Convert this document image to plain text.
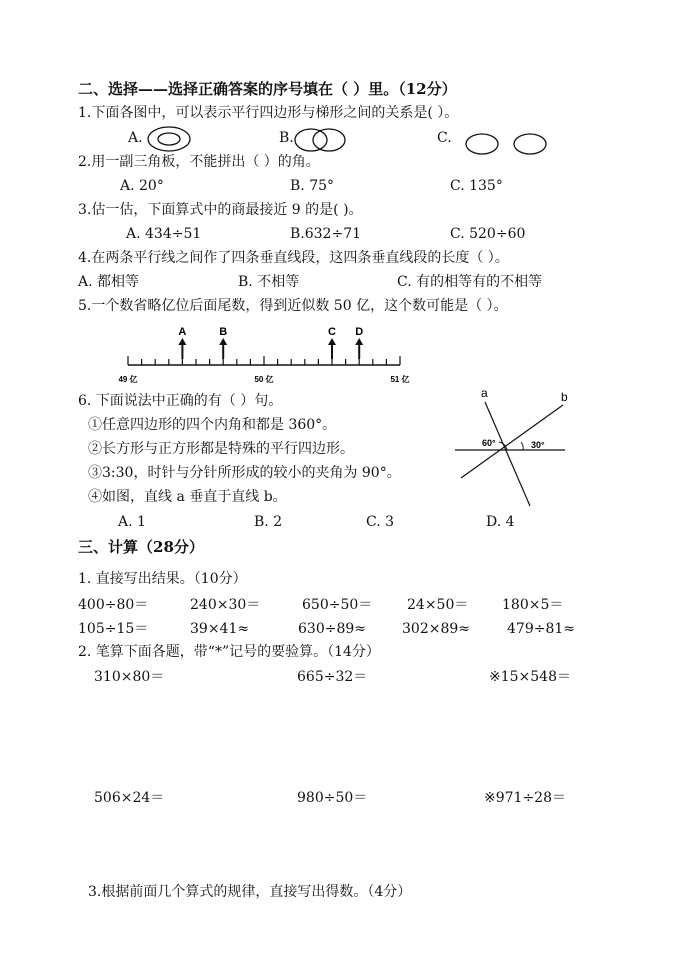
二、选择——选择正确答案的序号填在（ ）里。（12分）
1.下面各图中，可以表示平行四边形与梯形之间的关系是( ）。
A.	B.	C.
2.用一副三角板，不能拼出（ ）的角。
A. 20°	B. 75°	C. 135°
3.估一估，下面算式中的商最接近 9 的是( )。
A. 434÷51	B.632÷71	C. 520÷60
4.在两条平行线之间作了四条垂直线段，这四条垂直线段的长度（ ）。
A. 都相等	B. 不相等	C. 有的相等有的不相等
5.一个数省略亿位后面尾数，得到近似数 50 亿，这个数可能是（ ）。
A	B	C D
49 亿	50 亿	51 亿
6. 下面说法中正确的有（ ）句。
①任意四边形的四个内角和都是 360°。
②长方形与正方形都是特殊的平行四边形。
③3:30，时针与分针所形成的较小的夹角为 90°。
④如图，直线 a 垂直于直线 b。
A. 1	B. 2	C. 3	D. 4
a	b
60°	30°
三、计算（28分）
1. 直接写出结果。（10分）
400÷80＝	240×30＝	650÷50＝ 24×50＝ 180×5＝
105÷15＝	39×41≈	630÷89≈	302×89≈	479÷81≈
2. 笔算下面各题，带“*”记号的要验算。（14分）
310×80＝	665÷32＝	※15×548＝
506×24＝	980÷50＝	※971÷28＝
3.根据前面几个算式的规律，直接写出得数。（4分）
